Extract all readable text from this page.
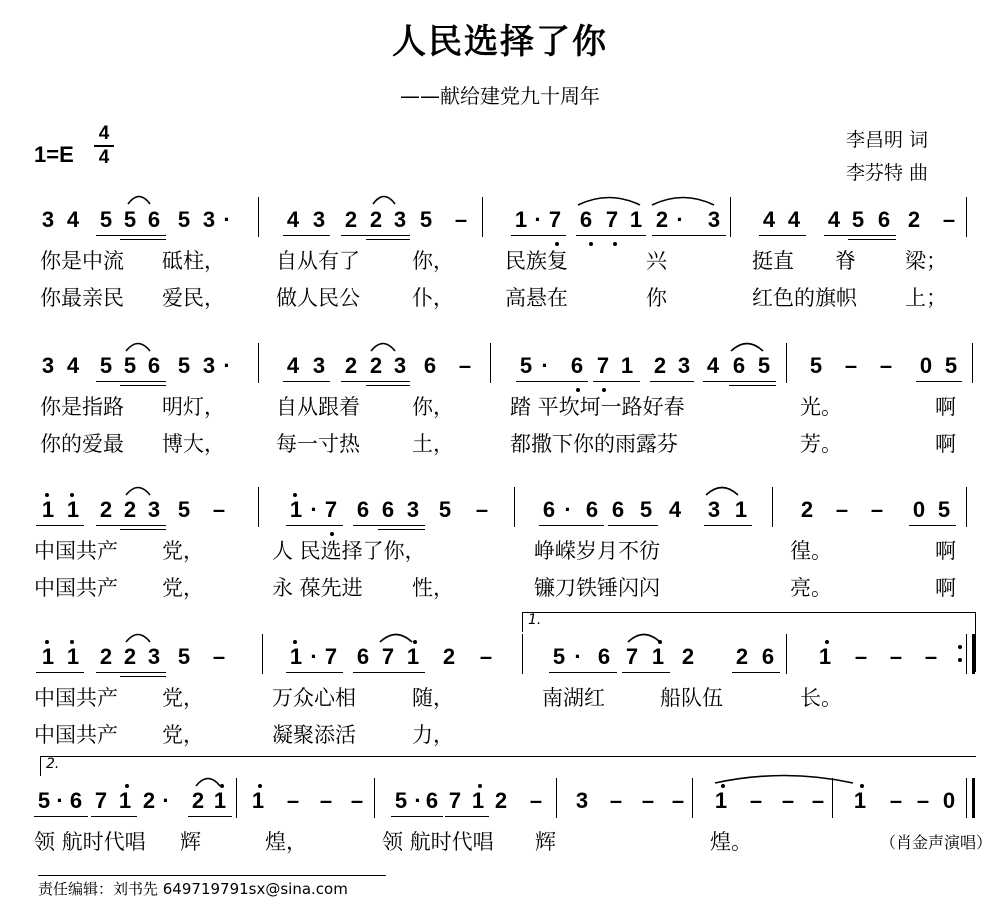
人民选择了你
——献给建党九十周年
李昌明 词
李芬特 曲
1=E
4
4
3 4 5 5 6 5 3 ·	4 3 2 2 3 5 – 1 · 7 6 7 1 2 · 3 4 4 4 5 6 2 –
你是中流 砥柱， 自从有了 你， 民族复	兴	挺直 脊 梁；
你最亲民 爱民， 做人民公 仆， 高悬在	你	红色的旗帜 上；
3 4 5 5 6 5 3 ·	4 3 2 2 3 6 – 5 · 6 7 1 2 3 4 6 5 5 – – 0 5
你是指路 明灯， 自从跟着 你，	踏 平坎坷一路好春	光。	啊
你的爱最 博大， 每一寸热 土，	都撒下你的雨露芬	芳。	啊
1 1 2 2 3 5 –	1 · 7 6 6 3 5 – 6 · 6 6 5 4 3 1 2 – – 0 5
中国共产 党，	人 民选择了你，	峥嵘岁月不彷	徨。	啊
中国共产 党，	永 葆先进 性，	镰刀铁锤闪闪	亮。	啊
1 1 2 2 3 5 –	1 · 7 6 7 1 2 –	5 · 6 7 1 2 2 6 1 – – –
中国共产 党，	万众心相	随，	南湖红	船队伍	长。
中国共产 党，	凝聚添活	力，
5 · 6 7 1 2 · 2 1 1 – – – 5 · 6 7 1 2 – 3 – – – 1 – – – 1 – – 0
领 航时代唱 辉	煌，	领 航时代唱 辉	煌。
1.
2.
（肖金声演唱）
责任编辑：刘书先 649719791sx@sina.com
